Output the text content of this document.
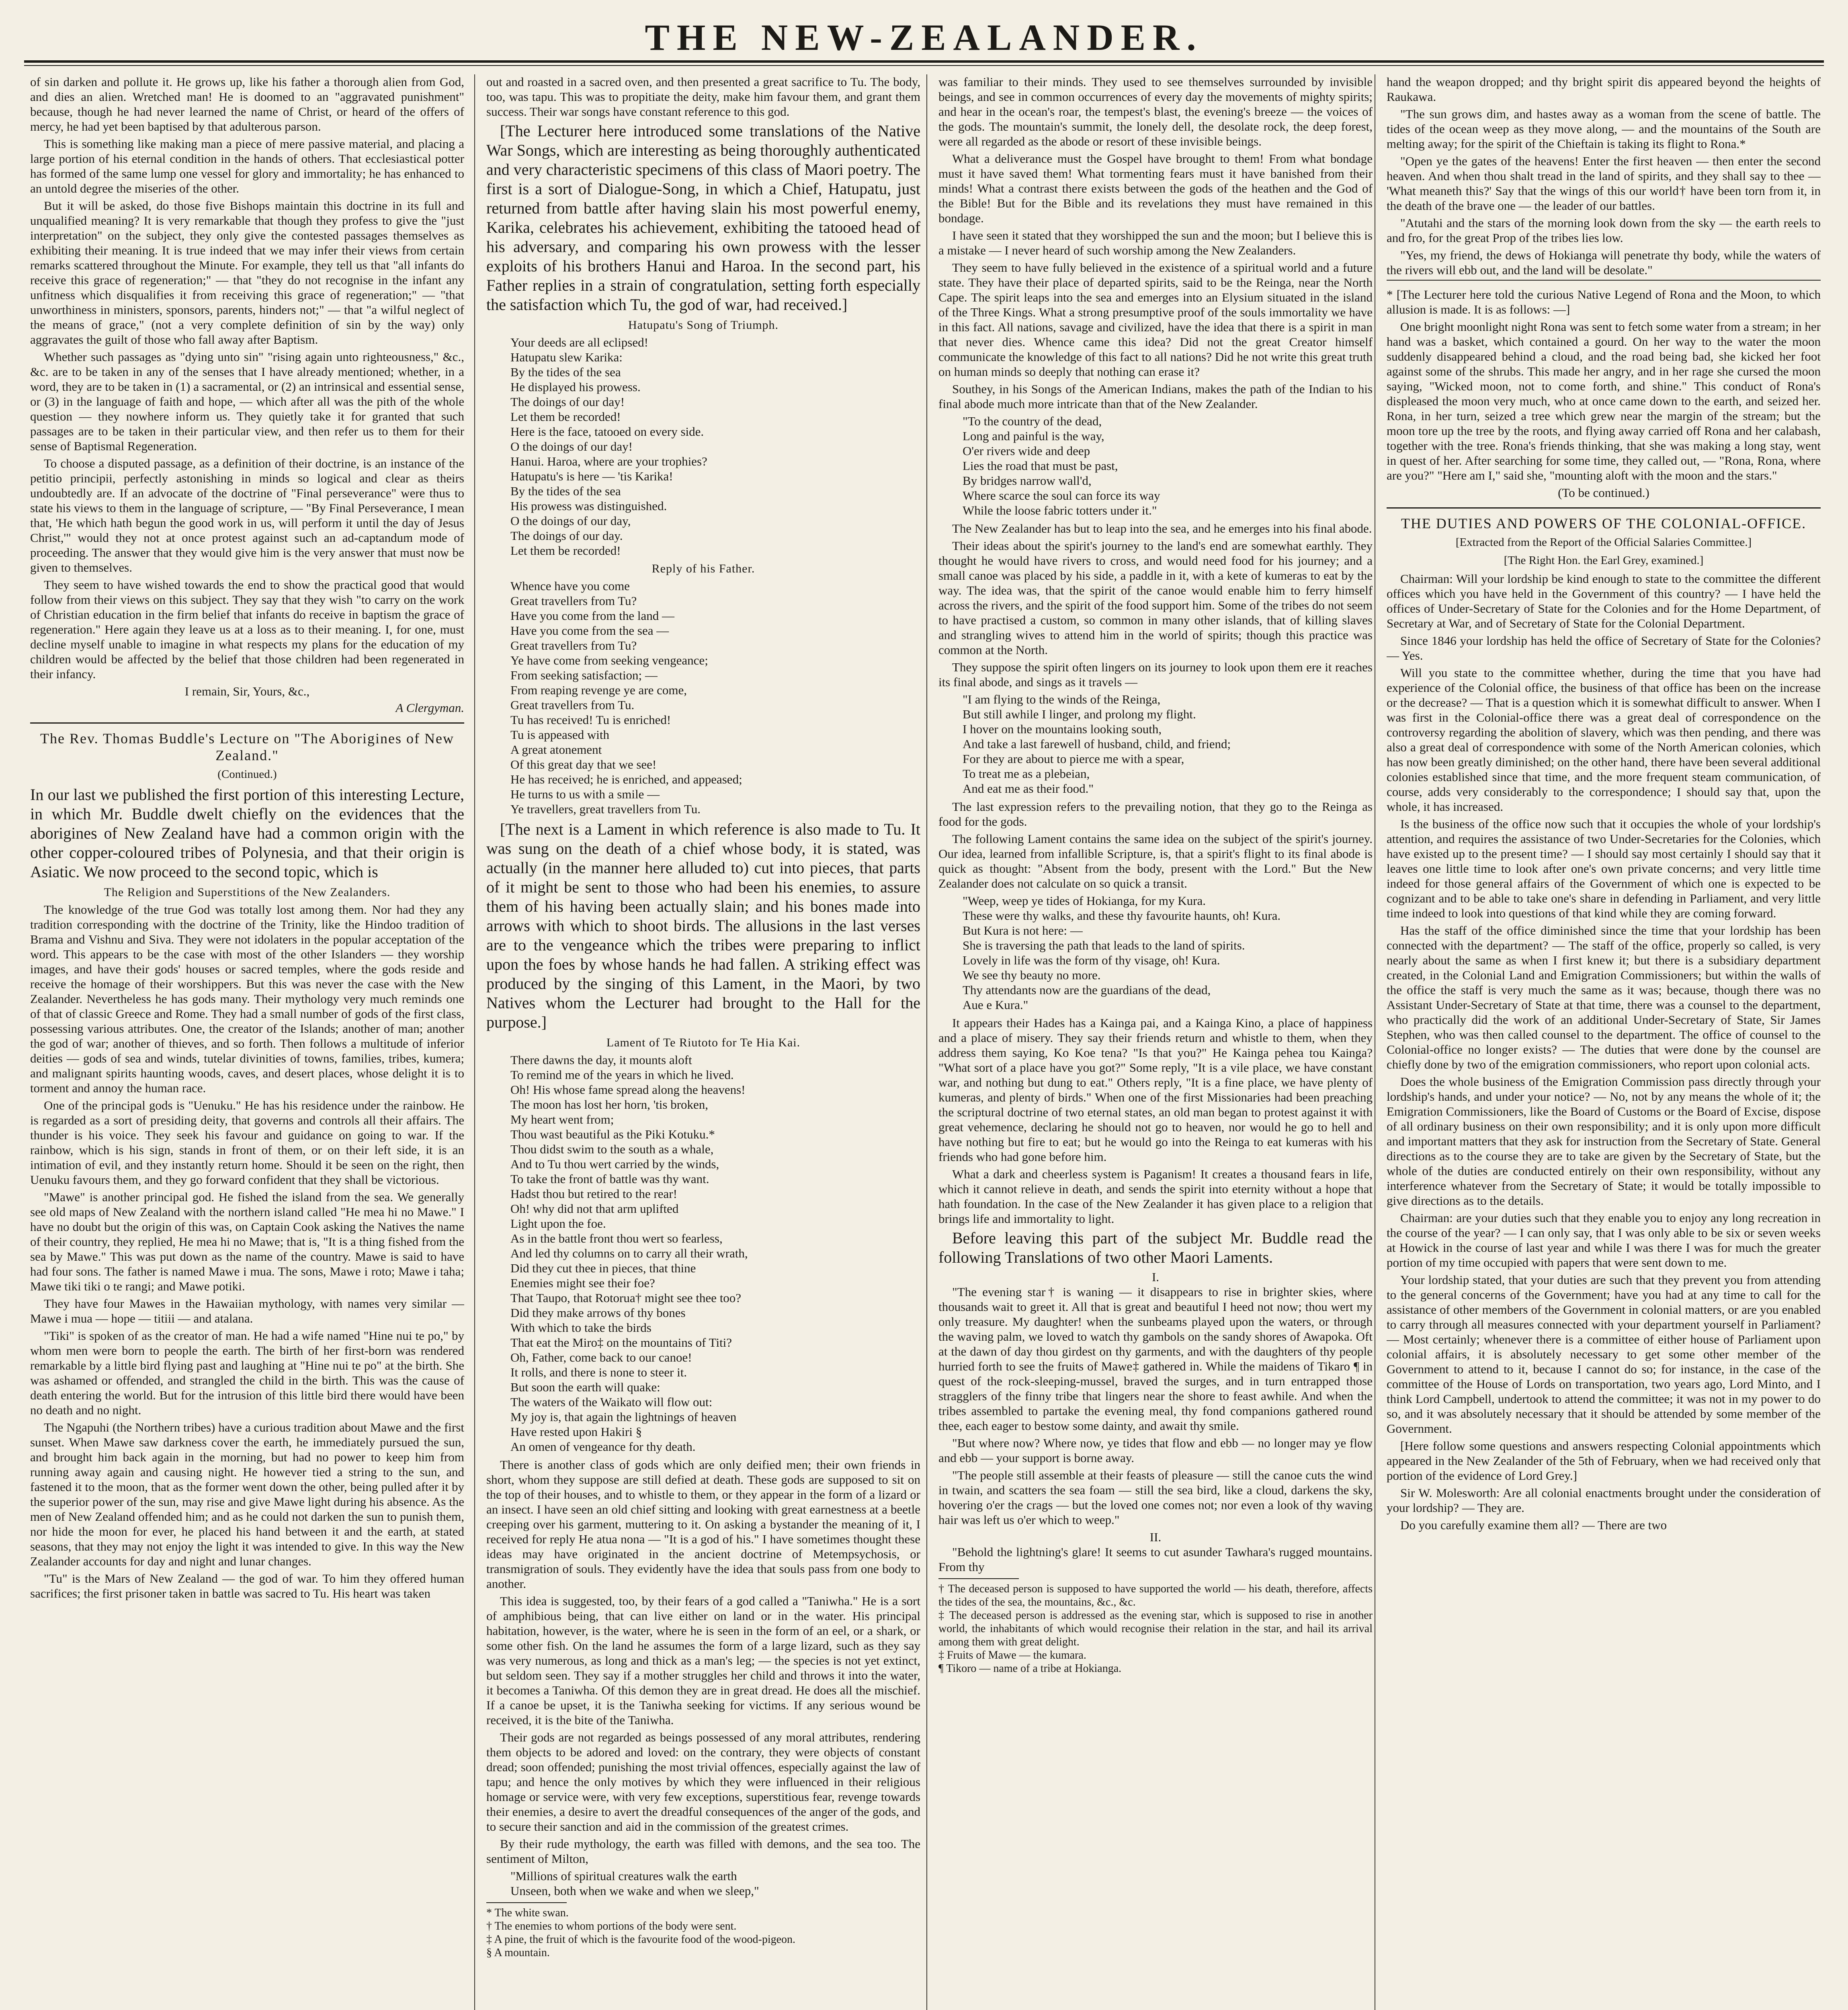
THE NEW-ZEALANDER.

of sin darken and pollute it. He grows up, like his father a thorough alien from God, and dies an alien. Wretched man! He is doomed to an "aggravated punishment" because, though he had never learned the name of Christ, or heard of the offers of mercy, he had yet been baptised by that adulterous parson.

This is something like making man a piece of mere passive material, and placing a large portion of his eternal condition in the hands of others. That ecclesiastical potter has formed of the same lump one vessel for glory and immortality; he has enhanced to an untold degree the miseries of the other.

But it will be asked, do those five Bishops maintain this doctrine in its full and unqualified meaning? It is very remarkable that though they profess to give the "just interpretation" on the subject, they only give the contested passages themselves as exhibiting their meaning. It is true indeed that we may infer their views from certain remarks scattered throughout the Minute. For example, they tell us that "all infants do receive this grace of regeneration;" — that "they do not recognise in the infant any unfitness which disqualifies it from receiving this grace of regeneration;" — "that unworthiness in ministers, sponsors, parents, hinders not;" — that "a wilful neglect of the means of grace," (not a very complete definition of sin by the way) only aggravates the guilt of those who fall away after Baptism.

Whether such passages as "dying unto sin" "rising again unto righteousness," &c., &c. are to be taken in any of the senses that I have already mentioned; whether, in a word, they are to be taken in (1) a sacramental, or (2) an intrinsical and essential sense, or (3) in the language of faith and hope, — which after all was the pith of the whole question — they nowhere inform us. They quietly take it for granted that such passages are to be taken in their particular view, and then refer us to them for their sense of Baptismal Regeneration.

To choose a disputed passage, as a definition of their doctrine, is an instance of the petitio principii, perfectly astonishing in minds so logical and clear as theirs undoubtedly are. If an advocate of the doctrine of "Final perseverance" were thus to state his views to them in the language of scripture, — "By Final Perseverance, I mean that, 'He which hath begun the good work in us, will perform it until the day of Jesus Christ,'" would they not at once protest against such an ad-captandum mode of proceeding. The answer that they would give him is the very answer that must now be given to themselves.

They seem to have wished towards the end to show the practical good that would follow from their views on this subject. They say that they wish "to carry on the work of Christian education in the firm belief that infants do receive in baptism the grace of regeneration." Here again they leave us at a loss as to their meaning. I, for one, must decline myself unable to imagine in what respects my plans for the education of my children would be affected by the belief that those children had been regenerated in their infancy.

I remain, Sir, Yours, &c.,
A Clergyman.
The Rev. Thomas Buddle's Lecture on "The Aborigines of New Zealand."
(Continued.)

In our last we published the first portion of this interesting Lecture, in which Mr. Buddle dwelt chiefly on the evidences that the aborigines of New Zealand have had a common origin with the other copper-coloured tribes of Polynesia, and that their origin is Asiatic. We now proceed to the second topic, which is

The Religion and Superstitions of the New Zealanders.

The knowledge of the true God was totally lost among them. Nor had they any tradition corresponding with the doctrine of the Trinity, like the Hindoo tradition of Brama and Vishnu and Siva. They were not idolaters in the popular acceptation of the word. This appears to be the case with most of the other Islanders — they worship images, and have their gods' houses or sacred temples, where the gods reside and receive the homage of their worshippers. But this was never the case with the New Zealander. Nevertheless he has gods many. Their mythology very much reminds one of that of classic Greece and Rome. They had a small number of gods of the first class, possessing various attributes. One, the creator of the Islands; another of man; another the god of war; another of thieves, and so forth. Then follows a multitude of inferior deities — gods of sea and winds, tutelar divinities of towns, families, tribes, kumera; and malignant spirits haunting woods, caves, and desert places, whose delight it is to torment and annoy the human race.

One of the principal gods is "Uenuku." He has his residence under the rainbow. He is regarded as a sort of presiding deity, that governs and controls all their affairs. The thunder is his voice. They seek his favour and guidance on going to war. If the rainbow, which is his sign, stands in front of them, or on their left side, it is an intimation of evil, and they instantly return home. Should it be seen on the right, then Uenuku favours them, and they go forward confident that they shall be victorious.

"Mawe" is another principal god. He fished the island from the sea. We generally see old maps of New Zealand with the northern island called "He mea hi no Mawe." I have no doubt but the origin of this was, on Captain Cook asking the Natives the name of their country, they replied, He mea hi no Mawe; that is, "It is a thing fished from the sea by Mawe." This was put down as the name of the country. Mawe is said to have had four sons. The father is named Mawe i mua. The sons, Mawe i roto; Mawe i taha; Mawe tiki tiki o te rangi; and Mawe potiki.

They have four Mawes in the Hawaiian mythology, with names very similar — Mawe i mua — hope — titiii — and atalana.

"Tiki" is spoken of as the creator of man. He had a wife named "Hine nui te po," by whom men were born to people the earth. The birth of her first-born was rendered remarkable by a little bird flying past and laughing at "Hine nui te po" at the birth. She was ashamed or offended, and strangled the child in the birth. This was the cause of death entering the world. But for the intrusion of this little bird there would have been no death and no night.

The Ngapuhi (the Northern tribes) have a curious tradition about Mawe and the first sunset. When Mawe saw darkness cover the earth, he immediately pursued the sun, and brought him back again in the morning, but had no power to keep him from running away again and causing night. He however tied a string to the sun, and fastened it to the moon, that as the former went down the other, being pulled after it by the superior power of the sun, may rise and give Mawe light during his absence. As the men of New Zealand offended him; and as he could not darken the sun to punish them, nor hide the moon for ever, he placed his hand between it and the earth, at stated seasons, that they may not enjoy the light it was intended to give. In this way the New Zealander accounts for day and night and lunar changes.

"Tu" is the Mars of New Zealand — the god of war. To him they offered human sacrifices; the first prisoner taken in battle was sacred to Tu. His heart was taken

out and roasted in a sacred oven, and then presented a great sacrifice to Tu. The body, too, was tapu. This was to propitiate the deity, make him favour them, and grant them success. Their war songs have constant reference to this god.

[The Lecturer here introduced some translations of the Native War Songs, which are interesting as being thoroughly authenticated and very characteristic specimens of this class of Maori poetry. The first is a sort of Dialogue-Song, in which a Chief, Hatupatu, just returned from battle after having slain his most powerful enemy, Karika, celebrates his achievement, exhibiting the tatooed head of his adversary, and comparing his own prowess with the lesser exploits of his brothers Hanui and Haroa. In the second part, his Father replies in a strain of congratulation, setting forth especially the satisfaction which Tu, the god of war, had received.]

Hatupatu's Song of Triumph.
Your deeds are all eclipsed!
Hatupatu slew Karika:
By the tides of the sea
He displayed his prowess.
The doings of our day!
Let them be recorded!
Here is the face, tatooed on every side.
O the doings of our day!
Hanui. Haroa, where are your trophies?
Hatupatu's is here — 'tis Karika!
By the tides of the sea
His prowess was distinguished.
O the doings of our day,
The doings of our day.
Let them be recorded!
Reply of his Father.
Whence have you come
Great travellers from Tu?
Have you come from the land —
Have you come from the sea —
Great travellers from Tu?
Ye have come from seeking vengeance;
From seeking satisfaction; —
From reaping revenge ye are come,
Great travellers from Tu.
Tu has received! Tu is enriched!
Tu is appeased with
A great atonement
Of this great day that we see!
He has received; he is enriched, and appeased;
He turns to us with a smile —
Ye travellers, great travellers from Tu.

[The next is a Lament in which reference is also made to Tu. It was sung on the death of a chief whose body, it is stated, was actually (in the manner here alluded to) cut into pieces, that parts of it might be sent to those who had been his enemies, to assure them of his having been actually slain; and his bones made into arrows with which to shoot birds. The allusions in the last verses are to the vengeance which the tribes were preparing to inflict upon the foes by whose hands he had fallen. A striking effect was produced by the singing of this Lament, in the Maori, by two Natives whom the Lecturer had brought to the Hall for the purpose.]

Lament of Te Riutoto for Te Hia Kai.
There dawns the day, it mounts aloft
To remind me of the years in which he lived.
Oh! His whose fame spread along the heavens!
The moon has lost her horn, 'tis broken,
My heart went from;
Thou wast beautiful as the Piki Kotuku.*
Thou didst swim to the south as a whale,
And to Tu thou wert carried by the winds,
To take the front of battle was thy want.
Hadst thou but retired to the rear!
Oh! why did not that arm uplifted
Light upon the foe.
As in the battle front thou wert so fearless,
And led thy columns on to carry all their wrath,
Did they cut thee in pieces, that thine
Enemies might see their foe?
That Taupo, that Rotorua† might see thee too?
Did they make arrows of thy bones
With which to take the birds
That eat the Miro‡ on the mountains of Titi?
Oh, Father, come back to our canoe!
It rolls, and there is none to steer it.
But soon the earth will quake:
The waters of the Waikato will flow out:
My joy is, that again the lightnings of heaven
Have rested upon Hakiri §
An omen of vengeance for thy death.

There is another class of gods which are only deified men; their own friends in short, whom they suppose are still defied at death. These gods are supposed to sit on the top of their houses, and to whistle to them, or they appear in the form of a lizard or an insect. I have seen an old chief sitting and looking with great earnestness at a beetle creeping over his garment, muttering to it. On asking a bystander the meaning of it, I received for reply He atua nona — "It is a god of his." I have sometimes thought these ideas may have originated in the ancient doctrine of Metempsychosis, or transmigration of souls. They evidently have the idea that souls pass from one body to another.

This idea is suggested, too, by their fears of a god called a "Taniwha." He is a sort of amphibious being, that can live either on land or in the water. His principal habitation, however, is the water, where he is seen in the form of an eel, or a shark, or some other fish. On the land he assumes the form of a large lizard, such as they say was very numerous, as long and thick as a man's leg; — the species is not yet extinct, but seldom seen. They say if a mother struggles her child and throws it into the water, it becomes a Taniwha. Of this demon they are in great dread. He does all the mischief. If a canoe be upset, it is the Taniwha seeking for victims. If any serious wound be received, it is the bite of the Taniwha.

Their gods are not regarded as beings possessed of any moral attributes, rendering them objects to be adored and loved: on the contrary, they were objects of constant dread; soon offended; punishing the most trivial offences, especially against the law of tapu; and hence the only motives by which they were influenced in their religious homage or service were, with very few exceptions, superstitious fear, revenge towards their enemies, a desire to avert the dreadful consequences of the anger of the gods, and to secure their sanction and aid in the commission of the greatest crimes.

By their rude mythology, the earth was filled with demons, and the sea too. The sentiment of Milton,

"Millions of spiritual creatures walk the earth
Unseen, both when we wake and when we sleep,"
* The white swan.
† The enemies to whom portions of the body were sent.
‡ A pine, the fruit of which is the favourite food of the wood-pigeon.
§ A mountain.

was familiar to their minds. They used to see themselves surrounded by invisible beings, and see in common occurrences of every day the movements of mighty spirits; and hear in the ocean's roar, the tempest's blast, the evening's breeze — the voices of the gods. The mountain's summit, the lonely dell, the desolate rock, the deep forest, were all regarded as the abode or resort of these invisible beings.

What a deliverance must the Gospel have brought to them! From what bondage must it have saved them! What tormenting fears must it have banished from their minds! What a contrast there exists between the gods of the heathen and the God of the Bible! But for the Bible and its revelations they must have remained in this bondage.

I have seen it stated that they worshipped the sun and the moon; but I believe this is a mistake — I never heard of such worship among the New Zealanders.

They seem to have fully believed in the existence of a spiritual world and a future state. They have their place of departed spirits, said to be the Reinga, near the North Cape. The spirit leaps into the sea and emerges into an Elysium situated in the island of the Three Kings. What a strong presumptive proof of the souls immortality we have in this fact. All nations, savage and civilized, have the idea that there is a spirit in man that never dies. Whence came this idea? Did not the great Creator himself communicate the knowledge of this fact to all nations? Did he not write this great truth on human minds so deeply that nothing can erase it?

Southey, in his Songs of the American Indians, makes the path of the Indian to his final abode much more intricate than that of the New Zealander.

"To the country of the dead,
Long and painful is the way,
O'er rivers wide and deep
Lies the road that must be past,
By bridges narrow wall'd,
Where scarce the soul can force its way
While the loose fabric totters under it."

The New Zealander has but to leap into the sea, and he emerges into his final abode.

Their ideas about the spirit's journey to the land's end are somewhat earthly. They thought he would have rivers to cross, and would need food for his journey; and a small canoe was placed by his side, a paddle in it, with a kete of kumeras to eat by the way. The idea was, that the spirit of the canoe would enable him to ferry himself across the rivers, and the spirit of the food support him. Some of the tribes do not seem to have practised a custom, so common in many other islands, that of killing slaves and strangling wives to attend him in the world of spirits; though this practice was common at the North.

They suppose the spirit often lingers on its journey to look upon them ere it reaches its final abode, and sings as it travels —

"I am flying to the winds of the Reinga,
But still awhile I linger, and prolong my flight.
I hover on the mountains looking south,
And take a last farewell of husband, child, and friend;
For they are about to pierce me with a spear,
To treat me as a plebeian,
And eat me as their food."

The last expression refers to the prevailing notion, that they go to the Reinga as food for the gods.

The following Lament contains the same idea on the subject of the spirit's journey. Our idea, learned from infallible Scripture, is, that a spirit's flight to its final abode is quick as thought: "Absent from the body, present with the Lord." But the New Zealander does not calculate on so quick a transit.

"Weep, weep ye tides of Hokianga, for my Kura.
These were thy walks, and these thy favourite haunts, oh! Kura.
But Kura is not here: —
She is traversing the path that leads to the land of spirits.
Lovely in life was the form of thy visage, oh! Kura.
We see thy beauty no more.
Thy attendants now are the guardians of the dead,
Aue e Kura."

It appears their Hades has a Kainga pai, and a Kainga Kino, a place of happiness and a place of misery. They say their friends return and whistle to them, when they address them saying, Ko Koe tena? "Is that you?" He Kainga pehea tou Kainga? "What sort of a place have you got?" Some reply, "It is a vile place, we have constant war, and nothing but dung to eat." Others reply, "It is a fine place, we have plenty of kumeras, and plenty of birds." When one of the first Missionaries had been preaching the scriptural doctrine of two eternal states, an old man began to protest against it with great vehemence, declaring he should not go to heaven, nor would he go to hell and have nothing but fire to eat; but he would go into the Reinga to eat kumeras with his friends who had gone before him.

What a dark and cheerless system is Paganism! It creates a thousand fears in life, which it cannot relieve in death, and sends the spirit into eternity without a hope that hath foundation. In the case of the New Zealander it has given place to a religion that brings life and immortality to light.

Before leaving this part of the subject Mr. Buddle read the following Translations of two other Maori Laments.

I.

"The evening star† is waning — it disappears to rise in brighter skies, where thousands wait to greet it. All that is great and beautiful I heed not now; thou wert my only treasure. My daughter! when the sunbeams played upon the waters, or through the waving palm, we loved to watch thy gambols on the sandy shores of Awapoka. Oft at the dawn of day thou girdest on thy garments, and with the daughters of thy people hurried forth to see the fruits of Mawe‡ gathered in. While the maidens of Tikaro ¶ in quest of the rock-sleeping-mussel, braved the surges, and in turn entrapped those stragglers of the finny tribe that lingers near the shore to feast awhile. And when the tribes assembled to partake the evening meal, thy fond companions gathered round thee, each eager to bestow some dainty, and await thy smile.

"But where now? Where now, ye tides that flow and ebb — no longer may ye flow and ebb — your support is borne away.

"The people still assemble at their feasts of pleasure — still the canoe cuts the wind in twain, and scatters the sea foam — still the sea bird, like a cloud, darkens the sky, hovering o'er the crags — but the loved one comes not; nor even a look of thy waving hair was left us o'er which to weep."

II.

"Behold the lightning's glare! It seems to cut asunder Tawhara's rugged mountains. From thy

† The deceased person is supposed to have supported the world — his death, therefore, affects the tides of the sea, the mountains, &c., &c.
‡ The deceased person is addressed as the evening star, which is supposed to rise in another world, the inhabitants of which would recognise their relation in the star, and hail its arrival among them with great delight.
‡ Fruits of Mawe — the kumara.
¶ Tikoro — name of a tribe at Hokianga.

hand the weapon dropped; and thy bright spirit dis appeared beyond the heights of Raukawa.

"The sun grows dim, and hastes away as a woman from the scene of battle. The tides of the ocean weep as they move along, — and the mountains of the South are melting away; for the spirit of the Chieftain is taking its flight to Rona.*

"Open ye the gates of the heavens! Enter the first heaven — then enter the second heaven. And when thou shalt tread in the land of spirits, and they shall say to thee — 'What meaneth this?' Say that the wings of this our world† have been torn from it, in the death of the brave one — the leader of our battles.

"Atutahi and the stars of the morning look down from the sky — the earth reels to and fro, for the great Prop of the tribes lies low.

"Yes, my friend, the dews of Hokianga will penetrate thy body, while the waters of the rivers will ebb out, and the land will be desolate."

* [The Lecturer here told the curious Native Legend of Rona and the Moon, to which allusion is made. It is as follows: —]

One bright moonlight night Rona was sent to fetch some water from a stream; in her hand was a basket, which contained a gourd. On her way to the water the moon suddenly disappeared behind a cloud, and the road being bad, she kicked her foot against some of the shrubs. This made her angry, and in her rage she cursed the moon saying, "Wicked moon, not to come forth, and shine." This conduct of Rona's displeased the moon very much, who at once came down to the earth, and seized her. Rona, in her turn, seized a tree which grew near the margin of the stream; but the moon tore up the tree by the roots, and flying away carried off Rona and her calabash, together with the tree. Rona's friends thinking, that she was making a long stay, went in quest of her. After searching for some time, they called out, — "Rona, Rona, where are you?" "Here am I," said she, "mounting aloft with the moon and the stars."

(To be continued.)
THE DUTIES AND POWERS OF THE COLONIAL-OFFICE.
[Extracted from the Report of the Official Salaries Committee.]
[The Right Hon. the Earl Grey, examined.]

Chairman: Will your lordship be kind enough to state to the committee the different offices which you have held in the Government of this country? — I have held the offices of Under-Secretary of State for the Colonies and for the Home Department, of Secretary at War, and of Secretary of State for the Colonial Department.

Since 1846 your lordship has held the office of Secretary of State for the Colonies? — Yes.

Will you state to the committee whether, during the time that you have had experience of the Colonial office, the business of that office has been on the increase or the decrease? — That is a question which it is somewhat difficult to answer. When I was first in the Colonial-office there was a great deal of correspondence on the controversy regarding the abolition of slavery, which was then pending, and there was also a great deal of correspondence with some of the North American colonies, which has now been greatly diminished; on the other hand, there have been several additional colonies established since that time, and the more frequent steam communication, of course, adds very considerably to the correspondence; I should say that, upon the whole, it has increased.

Is the business of the office now such that it occupies the whole of your lordship's attention, and requires the assistance of two Under-Secretaries for the Colonies, which have existed up to the present time? — I should say most certainly I should say that it leaves one little time to look after one's own private concerns; and very little time indeed for those general affairs of the Government of which one is expected to be cognizant and to be able to take one's share in defending in Parliament, and very little time indeed to look into questions of that kind while they are coming forward.

Has the staff of the office diminished since the time that your lordship has been connected with the department? — The staff of the office, properly so called, is very nearly about the same as when I first knew it; but there is a subsidiary department created, in the Colonial Land and Emigration Commissioners; but within the walls of the office the staff is very much the same as it was; because, though there was no Assistant Under-Secretary of State at that time, there was a counsel to the department, who practically did the work of an additional Under-Secretary of State, Sir James Stephen, who was then called counsel to the department. The office of counsel to the Colonial-office no longer exists? — The duties that were done by the counsel are chiefly done by two of the emigration commissioners, who report upon colonial acts.

Does the whole business of the Emigration Commission pass directly through your lordship's hands, and under your notice? — No, not by any means the whole of it; the Emigration Commissioners, like the Board of Customs or the Board of Excise, dispose of all ordinary business on their own responsibility; and it is only upon more difficult and important matters that they ask for instruction from the Secretary of State. General directions as to the course they are to take are given by the Secretary of State, but the whole of the duties are conducted entirely on their own responsibility, without any interference whatever from the Secretary of State; it would be totally impossible to give directions as to the details.

Chairman: are your duties such that they enable you to enjoy any long recreation in the course of the year? — I can only say, that I was only able to be six or seven weeks at Howick in the course of last year and while I was there I was for much the greater portion of my time occupied with papers that were sent down to me.

Your lordship stated, that your duties are such that they prevent you from attending to the general concerns of the Government; have you had at any time to call for the assistance of other members of the Government in colonial matters, or are you enabled to carry through all measures connected with your department yourself in Parliament? — Most certainly; whenever there is a committee of either house of Parliament upon colonial affairs, it is absolutely necessary to get some other member of the Government to attend to it, because I cannot do so; for instance, in the case of the committee of the House of Lords on transportation, two years ago, Lord Minto, and I think Lord Campbell, undertook to attend the committee; it was not in my power to do so, and it was absolutely necessary that it should be attended by some member of the Government.

[Here follow some questions and answers respecting Colonial appointments which appeared in the New Zealander of the 5th of February, when we had received only that portion of the evidence of Lord Grey.]

Sir W. Molesworth: Are all colonial enactments brought under the consideration of your lordship? — They are.

Do you carefully examine them all? — There are two
